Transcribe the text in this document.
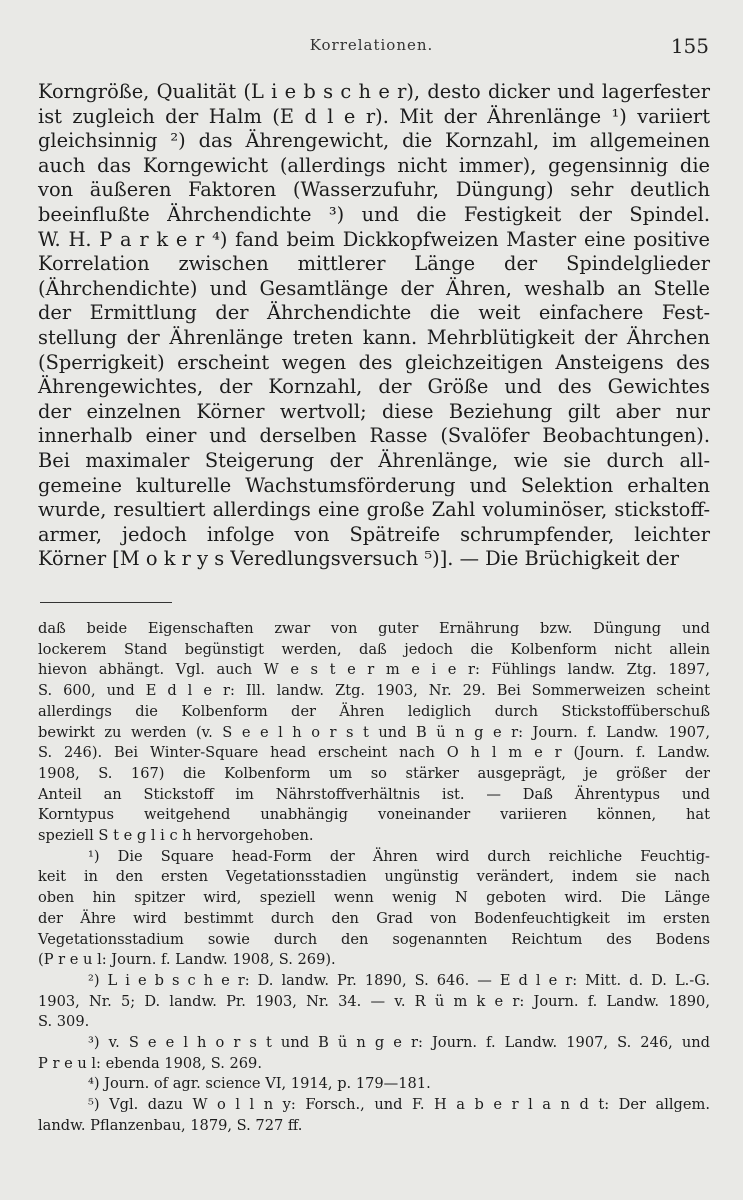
Korrelationen.	155
Korngröße, Qualität (L i e b s c h e r), desto dicker und lagerfester
ist zugleich der Halm (E d l e r). Mit der Ährenlänge ¹) variiert
gleichsinnig ²) das Ährengewicht, die Kornzahl, im allgemeinen
auch das Korngewicht (allerdings nicht immer), gegensinnig die
von äußeren Faktoren (Wasserzufuhr, Düngung) sehr deutlich
beeinflußte Ährchendichte ³) und die Festigkeit der Spindel.
W. H. P a r k e r ⁴) fand beim Dickkopfweizen Master eine positive
Korrelation zwischen mittlerer Länge der Spindelglieder
(Ährchendichte) und Gesamtlänge der Ähren, weshalb an Stelle
der Ermittlung der Ährchendichte die weit einfachere Fest-
stellung der Ährenlänge treten kann. Mehrblütigkeit der Ährchen
(Sperrigkeit) erscheint wegen des gleichzeitigen Ansteigens des
Ährengewichtes, der Kornzahl, der Größe und des Gewichtes
der einzelnen Körner wertvoll; diese Beziehung gilt aber nur
innerhalb einer und derselben Rasse (Svalöfer Beobachtungen).
Bei maximaler Steigerung der Ährenlänge, wie sie durch all-
gemeine kulturelle Wachstumsförderung und Selektion erhalten
wurde, resultiert allerdings eine große Zahl voluminöser, stickstoff-
armer, jedoch infolge von Spätreife schrumpfender, leichter
Körner [M o k r y s Veredlungsversuch ⁵)]. — Die Brüchigkeit der
daß beide Eigenschaften zwar von guter Ernährung bzw. Düngung und
lockerem Stand begünstigt werden, daß jedoch die Kolbenform nicht allein
hievon abhängt. Vgl. auch W e s t e r m e i e r: Fühlings landw. Ztg. 1897,
S. 600, und E d l e r: Ill. landw. Ztg. 1903, Nr. 29. Bei Sommerweizen scheint
allerdings die Kolbenform der Ähren lediglich durch Stickstoffüberschuß
bewirkt zu werden (v. S e e l h o r s t und B ü n g e r: Journ. f. Landw. 1907,
S. 246). Bei Winter-Square head erscheint nach O h l m e r (Journ. f. Landw.
1908, S. 167) die Kolbenform um so stärker ausgeprägt, je größer der
Anteil an Stickstoff im Nährstoffverhältnis ist. — Daß Ährentypus und
Korntypus weitgehend unabhängig voneinander variieren können, hat
speziell S t e g l i c h hervorgehoben.
¹) Die Square head-Form der Ähren wird durch reichliche Feuchtig-
keit in den ersten Vegetationsstadien ungünstig verändert, indem sie nach
oben hin spitzer wird, speziell wenn wenig N geboten wird. Die Länge
der Ähre wird bestimmt durch den Grad von Bodenfeuchtigkeit im ersten
Vegetationsstadium sowie durch den sogenannten Reichtum des Bodens
(P r e u l: Journ. f. Landw. 1908, S. 269).
²) L i e b s c h e r: D. landw. Pr. 1890, S. 646. — E d l e r: Mitt. d. D. L.-G.
1903, Nr. 5; D. landw. Pr. 1903, Nr. 34. — v. R ü m k e r: Journ. f. Landw. 1890,
S. 309.
³) v. S e e l h o r s t und B ü n g e r: Journ. f. Landw. 1907, S. 246, und
P r e u l: ebenda 1908, S. 269.
⁴) Journ. of agr. science VI, 1914, p. 179—181.
⁵) Vgl. dazu W o l l n y: Forsch., und F. H a b e r l a n d t: Der allgem.
landw. Pflanzenbau, 1879, S. 727 ff.
